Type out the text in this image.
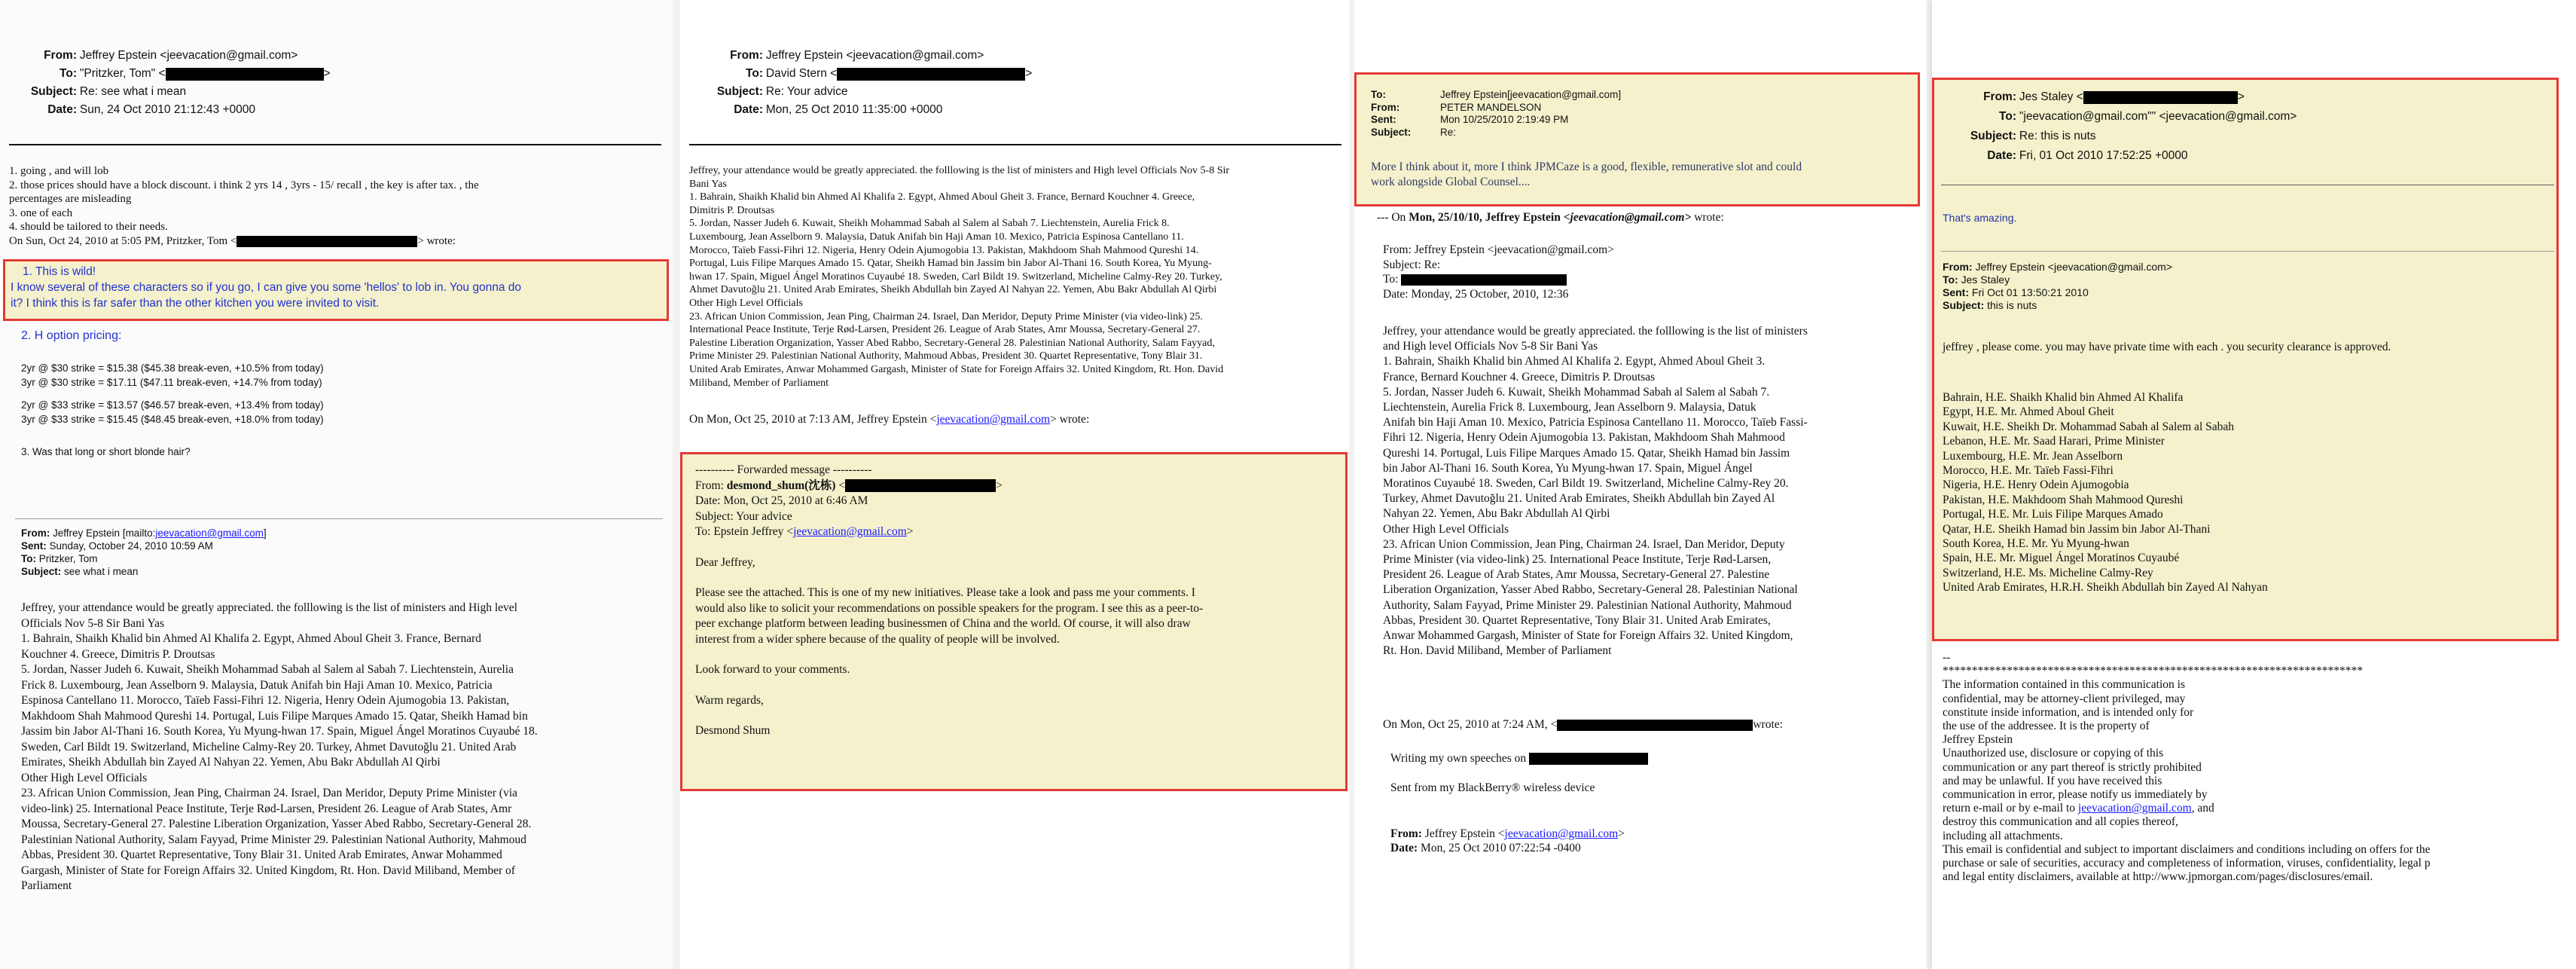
From: Jeffrey Epstein <jeevacation@gmail.com>
To: "Pritzker, Tom" <	>
Subject: Re: see what i mean
Date: Sun, 24 Oct 2010 21:12:43 +0000
1. going , and will lob
2. those prices should have a block discount. i think 2 yrs 14 , 3yrs - 15/ recall , the key is after tax. , the
percentages are misleading
3. one of each
4. should be tailored to their needs.
On Sun, Oct 24, 2010 at 5:05 PM, Pritzker, Tom <	> wrote:
1. This is wild!
I know several of these characters so if you go, I can give you some 'hellos' to lob in. You gonna do
it? I think this is far safer than the other kitchen you were invited to visit.
2. H option pricing:
2yr @ $30 strike = $15.38 ($45.38 break-even, +10.5% from today)
3yr @ $30 strike = $17.11 ($47.11 break-even, +14.7% from today)
2yr @ $33 strike = $13.57 ($46.57 break-even, +13.4% from today)
3yr @ $33 strike = $15.45 ($48.45 break-even, +18.0% from today)
3. Was that long or short blonde hair?
From: Jeffrey Epstein [mailto:jeevacation@gmail.com]
Sent: Sunday, October 24, 2010 10:59 AM
To: Pritzker, Tom
Subject: see what i mean
Jeffrey, your attendance would be greatly appreciated. the folllowing is the list of ministers and High level
Officials Nov 5-8 Sir Bani Yas
1. Bahrain, Shaikh Khalid bin Ahmed Al Khalifa 2. Egypt, Ahmed Aboul Gheit 3. France, Bernard
Kouchner 4. Greece, Dimitris P. Droutsas
5. Jordan, Nasser Judeh 6. Kuwait, Sheikh Mohammad Sabah al Salem al Sabah 7. Liechtenstein, Aurelia
Frick 8. Luxembourg, Jean Asselborn 9. Malaysia, Datuk Anifah bin Haji Aman 10. Mexico, Patricia
Espinosa Cantellano 11. Morocco, Taïeb Fassi-Fihri 12. Nigeria, Henry Odein Ajumogobia 13. Pakistan,
Makhdoom Shah Mahmood Qureshi 14. Portugal, Luis Filipe Marques Amado 15. Qatar, Sheikh Hamad bin
Jassim bin Jabor Al-Thani 16. South Korea, Yu Myung-hwan 17. Spain, Miguel Ángel Moratinos Cuyaubé 18.
Sweden, Carl Bildt 19. Switzerland, Micheline Calmy-Rey 20. Turkey, Ahmet Davutoğlu 21. United Arab
Emirates, Sheikh Abdullah bin Zayed Al Nahyan 22. Yemen, Abu Bakr Abdullah Al Qirbi
Other High Level Officials
23. African Union Commission, Jean Ping, Chairman 24. Israel, Dan Meridor, Deputy Prime Minister (via
video-link) 25. International Peace Institute, Terje Rød-Larsen, President 26. League of Arab States, Amr
Moussa, Secretary-General 27. Palestine Liberation Organization, Yasser Abed Rabbo, Secretary-General 28.
Palestinian National Authority, Salam Fayyad, Prime Minister 29. Palestinian National Authority, Mahmoud
Abbas, President 30. Quartet Representative, Tony Blair 31. United Arab Emirates, Anwar Mohammed
Gargash, Minister of State for Foreign Affairs 32. United Kingdom, Rt. Hon. David Miliband, Member of
Parliament
From: Jeffrey Epstein <jeevacation@gmail.com>
To: David Stern <	>
Subject: Re: Your advice
Date: Mon, 25 Oct 2010 11:35:00 +0000
Jeffrey, your attendance would be greatly appreciated. the folllowing is the list of ministers and High level Officials Nov 5-8 Sir
Bani Yas
1. Bahrain, Shaikh Khalid bin Ahmed Al Khalifa 2. Egypt, Ahmed Aboul Gheit 3. France, Bernard Kouchner 4. Greece,
Dimitris P. Droutsas
5. Jordan, Nasser Judeh 6. Kuwait, Sheikh Mohammad Sabah al Salem al Sabah 7. Liechtenstein, Aurelia Frick 8.
Luxembourg, Jean Asselborn 9. Malaysia, Datuk Anifah bin Haji Aman 10. Mexico, Patricia Espinosa Cantellano 11.
Morocco, Taïeb Fassi-Fihri 12. Nigeria, Henry Odein Ajumogobia 13. Pakistan, Makhdoom Shah Mahmood Qureshi 14.
Portugal, Luis Filipe Marques Amado 15. Qatar, Sheikh Hamad bin Jassim bin Jabor Al-Thani 16. South Korea, Yu Myung-
hwan 17. Spain, Miguel Ángel Moratinos Cuyaubé 18. Sweden, Carl Bildt 19. Switzerland, Micheline Calmy-Rey 20. Turkey,
Ahmet Davutoğlu 21. United Arab Emirates, Sheikh Abdullah bin Zayed Al Nahyan 22. Yemen, Abu Bakr Abdullah Al Qirbi
Other High Level Officials
23. African Union Commission, Jean Ping, Chairman 24. Israel, Dan Meridor, Deputy Prime Minister (via video-link) 25.
International Peace Institute, Terje Rød-Larsen, President 26. League of Arab States, Amr Moussa, Secretary-General 27.
Palestine Liberation Organization, Yasser Abed Rabbo, Secretary-General 28. Palestinian National Authority, Salam Fayyad,
Prime Minister 29. Palestinian National Authority, Mahmoud Abbas, President 30. Quartet Representative, Tony Blair 31.
United Arab Emirates, Anwar Mohammed Gargash, Minister of State for Foreign Affairs 32. United Kingdom, Rt. Hon. David
Miliband, Member of Parliament
On Mon, Oct 25, 2010 at 7:13 AM, Jeffrey Epstein <jeevacation@gmail.com> wrote:
---------- Forwarded message ----------
From: desmond_shum(沈栋) <	>
Date: Mon, Oct 25, 2010 at 6:46 AM
Subject: Your advice
To: Epstein Jeffrey <jeevacation@gmail.com>
Dear Jeffrey,
Please see the attached. This is one of my new initiatives. Please take a look and pass me your comments. I
would also like to solicit your recommendations on possible speakers for the program. I see this as a peer-to-
peer exchange platform between leading businessmen of China and the world. Of course, it will also draw
interest from a wider sphere because of the quality of people will be involved.
Look forward to your comments.
Warm regards,
Desmond Shum
To:	Jeffrey Epstein[jeevacation@gmail.com]
From:	PETER MANDELSON
Sent:	Mon 10/25/2010 2:19:49 PM
Subject:	Re:
More I think about it, more I think JPMCaze is a good, flexible, remunerative slot and could
work alongside Global Counsel....
--- On Mon, 25/10/10, Jeffrey Epstein <jeevacation@gmail.com> wrote:
From: Jeffrey Epstein <jeevacation@gmail.com>
Subject: Re:
To:
Date: Monday, 25 October, 2010, 12:36
Jeffrey, your attendance would be greatly appreciated. the folllowing is the list of ministers
and High level Officials Nov 5-8 Sir Bani Yas
1. Bahrain, Shaikh Khalid bin Ahmed Al Khalifa 2. Egypt, Ahmed Aboul Gheit 3.
France, Bernard Kouchner 4. Greece, Dimitris P. Droutsas
5. Jordan, Nasser Judeh 6. Kuwait, Sheikh Mohammad Sabah al Salem al Sabah 7.
Liechtenstein, Aurelia Frick 8. Luxembourg, Jean Asselborn 9. Malaysia, Datuk
Anifah bin Haji Aman 10. Mexico, Patricia Espinosa Cantellano 11. Morocco, Taïeb Fassi-
Fihri 12. Nigeria, Henry Odein Ajumogobia 13. Pakistan, Makhdoom Shah Mahmood
Qureshi 14. Portugal, Luis Filipe Marques Amado 15. Qatar, Sheikh Hamad bin Jassim
bin Jabor Al-Thani 16. South Korea, Yu Myung-hwan 17. Spain, Miguel Ángel
Moratinos Cuyaubé 18. Sweden, Carl Bildt 19. Switzerland, Micheline Calmy-Rey 20.
Turkey, Ahmet Davutoğlu 21. United Arab Emirates, Sheikh Abdullah bin Zayed Al
Nahyan 22. Yemen, Abu Bakr Abdullah Al Qirbi
Other High Level Officials
23. African Union Commission, Jean Ping, Chairman 24. Israel, Dan Meridor, Deputy
Prime Minister (via video-link) 25. International Peace Institute, Terje Rød-Larsen,
President 26. League of Arab States, Amr Moussa, Secretary-General 27. Palestine
Liberation Organization, Yasser Abed Rabbo, Secretary-General 28. Palestinian National
Authority, Salam Fayyad, Prime Minister 29. Palestinian National Authority, Mahmoud
Abbas, President 30. Quartet Representative, Tony Blair 31. United Arab Emirates,
Anwar Mohammed Gargash, Minister of State for Foreign Affairs 32. United Kingdom,
Rt. Hon. David Miliband, Member of Parliament
On Mon, Oct 25, 2010 at 7:24 AM, <	wrote:
Writing my own speeches on
Sent from my BlackBerry® wireless device
From: Jeffrey Epstein <jeevacation@gmail.com>
Date: Mon, 25 Oct 2010 07:22:54 -0400
From: Jes Staley <	>
To: "jeevacation@gmail.com"" <jeevacation@gmail.com>
Subject: Re: this is nuts
Date: Fri, 01 Oct 2010 17:52:25 +0000
That's amazing.
From: Jeffrey Epstein <jeevacation@gmail.com>
To: Jes Staley
Sent: Fri Oct 01 13:50:21 2010
Subject: this is nuts
jeffrey , please come. you may have private time with each . you security clearance is approved.
Bahrain, H.E. Shaikh Khalid bin Ahmed Al Khalifa
Egypt, H.E. Mr. Ahmed Aboul Gheit
Kuwait, H.E. Sheikh Dr. Mohammad Sabah al Salem al Sabah
Lebanon, H.E. Mr. Saad Harari, Prime Minister
Luxembourg, H.E. Mr. Jean Asselborn
Morocco, H.E. Mr. Taïeb Fassi-Fihri
Nigeria, H.E. Henry Odein Ajumogobia
Pakistan, H.E. Makhdoom Shah Mahmood Qureshi
Portugal, H.E. Mr. Luis Filipe Marques Amado
Qatar, H.E. Sheikh Hamad bin Jassim bin Jabor Al-Thani
South Korea, H.E. Mr. Yu Myung-hwan
Spain, H.E. Mr. Miguel Ángel Moratinos Cuyaubé
Switzerland, H.E. Ms. Micheline Calmy-Rey
United Arab Emirates, H.R.H. Sheikh Abdullah bin Zayed Al Nahyan
--
************************************************************************
The information contained in this communication is
confidential, may be attorney-client privileged, may
constitute inside information, and is intended only for
the use of the addressee. It is the property of
Jeffrey Epstein
Unauthorized use, disclosure or copying of this
communication or any part thereof is strictly prohibited
and may be unlawful. If you have received this
communication in error, please notify us immediately by
return e-mail or by e-mail to jeevacation@gmail.com, and
destroy this communication and all copies thereof,
including all attachments.
This email is confidential and subject to important disclaimers and conditions including on offers for the
purchase or sale of securities, accuracy and completeness of information, viruses, confidentiality, legal p
and legal entity disclaimers, available at http://www.jpmorgan.com/pages/disclosures/email.
